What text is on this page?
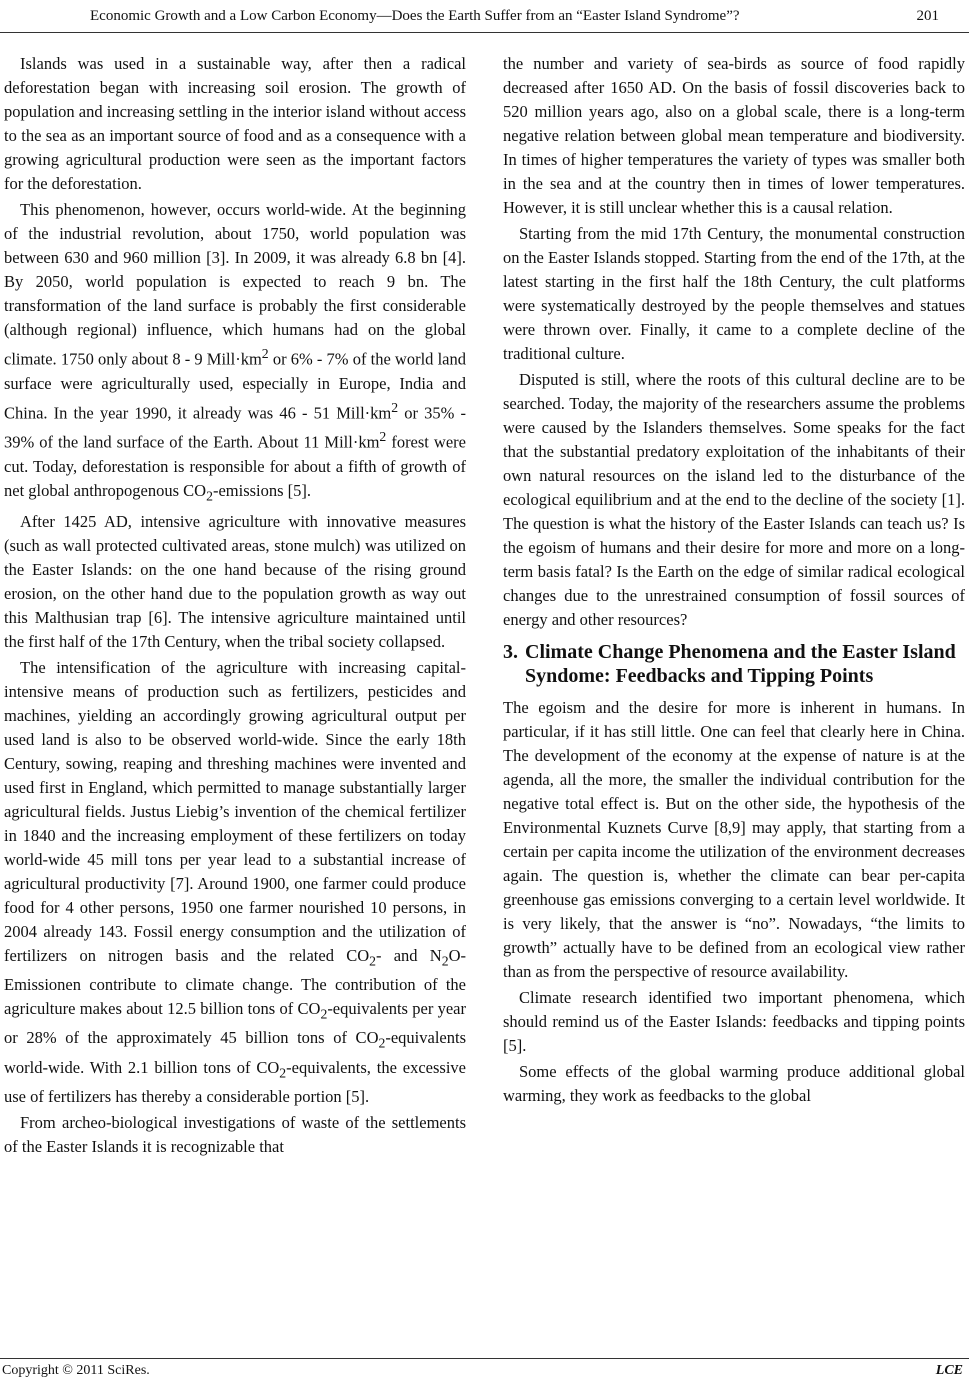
Economic Growth and a Low Carbon Economy—Does the Earth Suffer from an “Easter Island Syndrome”?	201

Islands was used in a sustainable way, after then a radical deforestation began with increasing soil erosion. The growth of population and increasing settling in the interior island without access to the sea as an important source of food and as a consequence with a growing agricultural production were seen as the important factors for the deforestation.

This phenomenon, however, occurs world-wide. At the beginning of the industrial revolution, about 1750, world population was between 630 and 960 million [3]. In 2009, it was already 6.8 bn [4]. By 2050, world population is expected to reach 9 bn. The transformation of the land surface is probably the first considerable (although regional) influence, which humans had on the global climate. 1750 only about 8 - 9 $Mill\cdot km^2$ or 6% - 7% of the world land surface were agriculturally used, especially in Europe, India and China. In the year 1990, it already was 46 - 51 $Mill\cdot km^2$ or 35% - 39% of the land surface of the Earth. About 11 $Mill\cdot km^2$ forest were cut. Today, deforestation is responsible for about a fifth of growth of net global anthropogenous $CO_2$-emissions [5].

After 1425 AD, intensive agriculture with innovative measures (such as wall protected cultivated areas, stone mulch) was utilized on the Easter Islands: on the one hand because of the rising ground erosion, on the other hand due to the population growth as way out this Malthusian trap [6]. The intensive agriculture maintained until the first half of the 17th Century, when the tribal society collapsed.

The intensification of the agriculture with increasing capital-intensive means of production such as fertilizers, pesticides and machines, yielding an accordingly growing agricultural output per used land is also to be observed world-wide. Since the early 18th Century, sowing, reaping and threshing machines were invented and used first in England, which permitted to manage substantially larger agricultural fields. Justus Liebig’s invention of the chemical fertilizer in 1840 and the increasing employment of these fertilizers on today world-wide 45 mill tons per year lead to a substantial increase of agricultural productivity [7]. Around 1900, one farmer could produce food for 4 other persons, 1950 one farmer nourished 10 persons, in 2004 already 143. Fossil energy consumption and the utilization of fertilizers on nitrogen basis and the related $CO_2-$ and $N_2O$-Emissionen contribute to climate change. The contribution of the agriculture makes about 12.5 billion tons of $CO_2$-equivalents per year or 28% of the approximately 45 billion tons of $CO_2$-equivalents world-wide. With 2.1 billion tons of $CO_2$-equivalents, the excessive use of fertilizers has thereby a considerable portion [5].

From archeo-biological investigations of waste of the settlements of the Easter Islands it is recognizable that

the number and variety of sea-birds as source of food rapidly decreased after 1650 AD. On the basis of fossil discoveries back to 520 million years ago, also on a global scale, there is a long-term negative relation between global mean temperature and biodiversity. In times of higher temperatures the variety of types was smaller both in the sea and at the country then in times of lower temperatures. However, it is still unclear whether this is a causal relation.

Starting from the mid 17th Century, the monumental construction on the Easter Islands stopped. Starting from the end of the 17th, at the latest starting in the first half the 18th Century, the cult platforms were systematically destroyed by the people themselves and statues were thrown over. Finally, it came to a complete decline of the traditional culture.

Disputed is still, where the roots of this cultural decline are to be searched. Today, the majority of the researchers assume the problems were caused by the Islanders themselves. Some speaks for the fact that the substantial predatory exploitation of the inhabitants of their own natural resources on the island led to the disturbance of the ecological equilibrium and at the end to the decline of the society [1]. The question is what the history of the Easter Islands can teach us? Is the egoism of humans and their desire for more and more on a long-term basis fatal? Is the Earth on the edge of similar radical ecological changes due to the unrestrained consumption of fossil sources of energy and other resources?

3. Climate Change Phenomena and the Easter Island Syndome: Feedbacks and Tipping Points

The egoism and the desire for more is inherent in humans. In particular, if it has still little. One can feel that clearly here in China. The development of the economy at the expense of nature is at the agenda, all the more, the smaller the individual contribution for the negative total effect is. But on the other side, the hypothesis of the Environmental Kuznets Curve [8,9] may apply, that starting from a certain per capita income the utilization of the environment decreases again. The question is, whether the climate can bear per-capita greenhouse gas emissions converging to a certain level worldwide. It is very likely, that the answer is “no”. Nowadays, “the limits to growth” actually have to be defined from an ecological view rather than as from the perspective of resource availability.

Climate research identified two important phenomena, which should remind us of the Easter Islands: feedbacks and tipping points [5].

Some effects of the global warming produce additional global warming, they work as feedbacks to the global

Copyright © 2011 SciRes.	LCE
